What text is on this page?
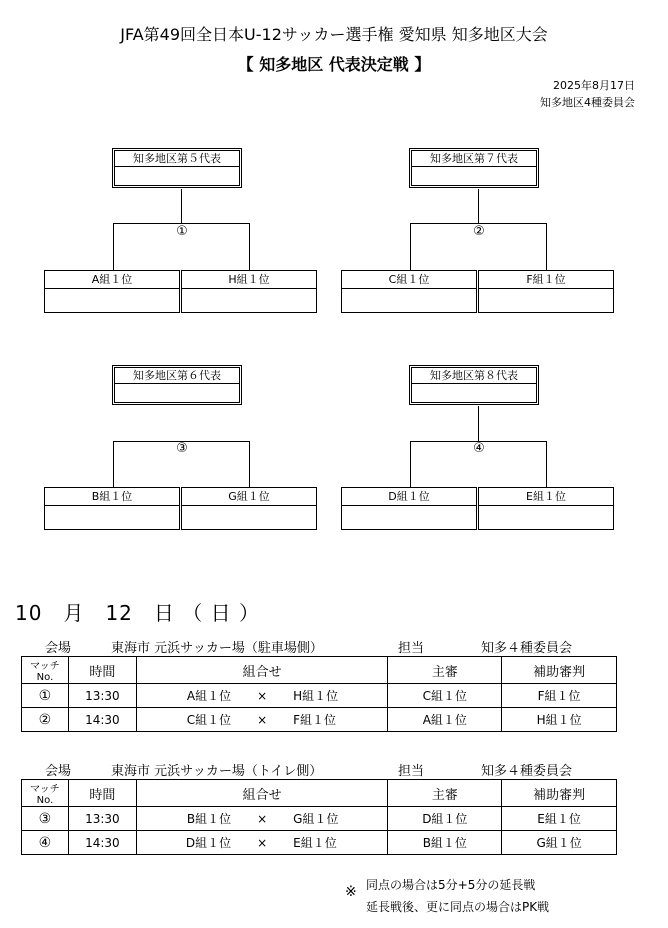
JFA第49回全日本U-12サッカー選手権 愛知県 知多地区大会
【 知多地区 代表決定戦 】
2025年8月17日
知多地区4種委員会
知多地区第５代表
①
A組１位	H組１位
知多地区第７代表
②
C組１位	F組１位
知多地区第６代表
③
B組１位	G組１位
知多地区第８代表
④
D組１位	E組１位
10　月　12　日 （ 日 ）
会場	東海市 元浜サッカー場（駐車場側）	担当	知多４種委員会
マッチNo.	時間	組合せ	主審	補助審判
①	13:30	A組１位 × H組１位	C組１位	F組１位
②	14:30	C組１位 × F組１位	A組１位	H組１位
会場	東海市 元浜サッカー場（トイレ側）	担当	知多４種委員会
マッチNo.	時間	組合せ	主審	補助審判
③	13:30	B組１位 × G組１位	D組１位	E組１位
④	14:30	D組１位 × E組１位	B組１位	G組１位
※ 同点の場合は5分+5分の延長戦
延長戦後、更に同点の場合はPK戦
